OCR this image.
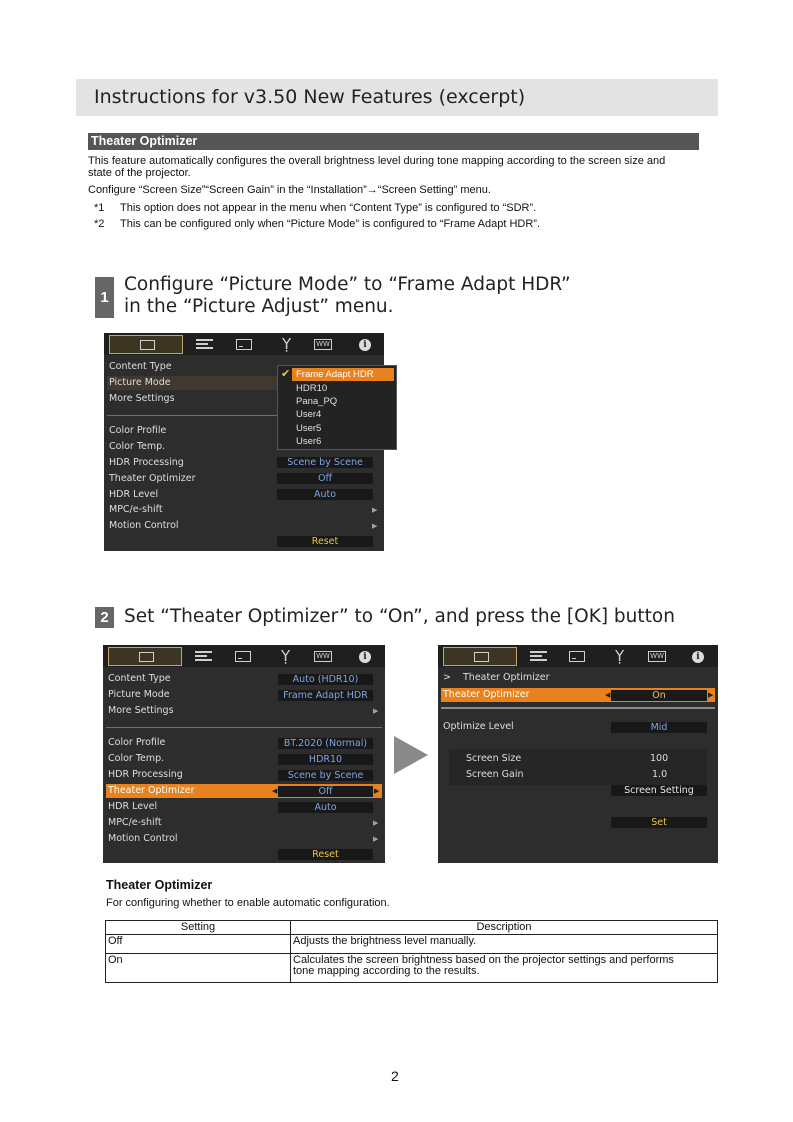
Instructions for v3.50 New Features (excerpt)
Theater Optimizer
This feature automatically configures the overall brightness level during tone mapping according to the screen size and
state of the projector.
Configure “Screen Size”“Screen Gain” in the “Installation”→“Screen Setting” menu.
*1 This option does not appear in the menu when “Content Type” is configured to “SDR”.
*2 This can be configured only when “Picture Mode” is configured to “Frame Adapt HDR”.
1
Configure “Picture Mode” to “Frame Adapt HDR”
in the “Picture Adjust” menu.
Ỵ	WW	i
Content Type
Picture Mode
More Settings
Color Profile
Color Temp.
HDR Processing	Scene by Scene
Theater Optimizer	Off
HDR Level	Auto
MPC/e-shift	▶
Motion Control	▶
Reset
✔ Frame Adapt HDR
HDR10
Pana_PQ
User4
User5
User6
2 Set “Theater Optimizer” to “On”, and press the [OK] button
Ỵ	WW	i
Content Type	Auto (HDR10)
Picture Mode	Frame Adapt HDR
More Settings	▶
Color Profile	BT.2020 (Normal)
Color Temp.	HDR10
HDR Processing	Scene by Scene
Theater Optimizer	◀	Off	▶
HDR Level	Auto
MPC/e-shift	▶
Motion Control	▶
Reset
Ỵ	WW	i
> Theater Optimizer
Theater Optimizer	◀	On	▶
Optimize Level	Mid
Screen Size	100
Screen Gain	1.0
Screen Setting
Set
Theater Optimizer
For configuring whether to enable automatic configuration.
Setting	Description
Off	Adjusts the brightness level manually.
On	Calculates the screen brightness based on the projector settings and performs
tone mapping according to the results.
2
